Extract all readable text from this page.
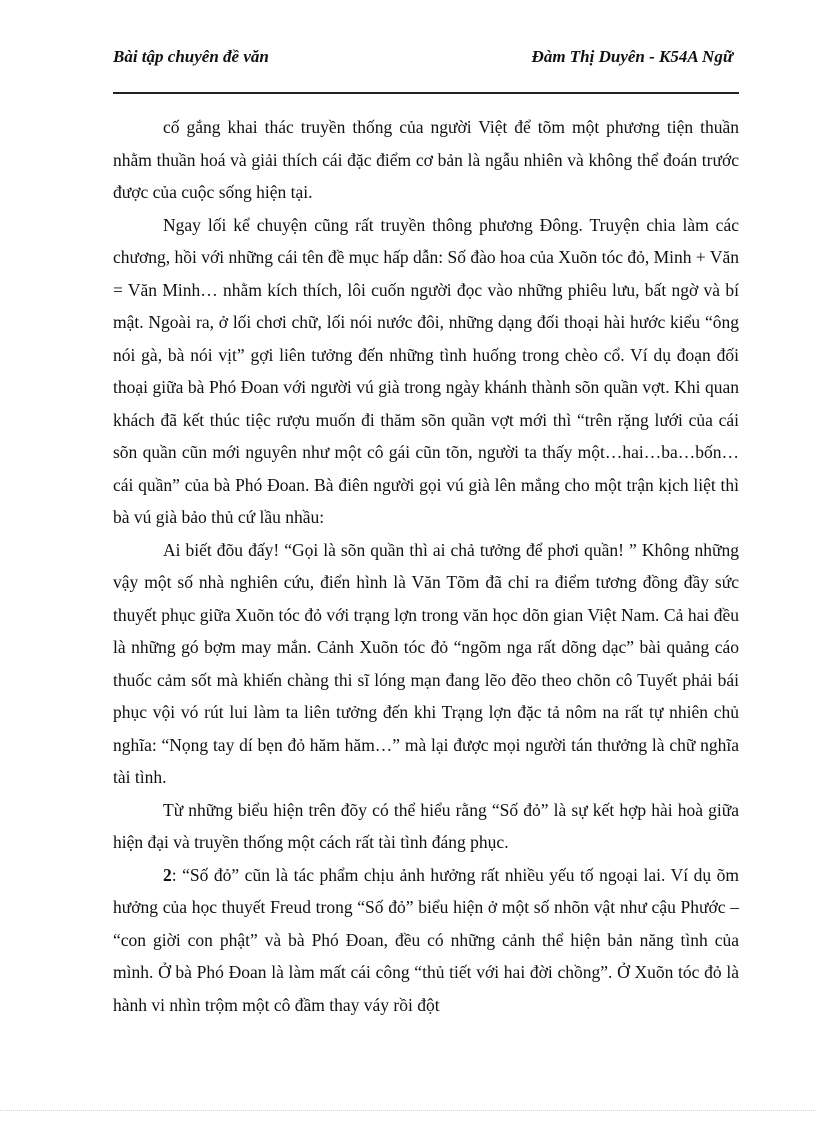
Bài tập chuyên đề văn	Đàm Thị Duyên - K54A Ngữ

cố gắng khai thác truyền thống của người Việt để tõm một phương tiện thuần nhằm thuần hoá và giải thích cái đặc điểm cơ bản là ngẫu nhiên và không thể đoán trước được của cuộc sống hiện tại.

Ngay lối kể chuyện cũng rất truyền thông phương Đông. Truyện chia làm các chương, hồi với những cái tên đề mục hấp dẫn: Số đào hoa của Xuõn tóc đỏ, Minh + Văn = Văn Minh… nhằm kích thích, lôi cuốn người đọc vào những phiêu lưu, bất ngờ và bí mật. Ngoài ra, ở lối chơi chữ, lối nói nước đôi, những dạng đối thoại hài hước kiểu “ông nói gà, bà nói vịt” gợi liên tưởng đến những tình huống trong chèo cổ. Ví dụ đoạn đối thoại giữa bà Phó Đoan với người vú già trong ngày khánh thành sõn quần vợt. Khi quan khách đã kết thúc tiệc rượu muốn đi thăm sõn quần vợt mới thì “trên rặng lưới của cái sõn quần cũn mới nguyên như một cô gái cũn tõn, người ta thấy một…hai…ba…bốn… cái quần” của bà Phó Đoan. Bà điên người gọi vú già lên mắng cho một trận kịch liệt thì bà vú già bảo thủ cứ lầu nhầu:

Ai biết đõu đấy! “Gọi là sõn quần thì ai chả tưởng để phơi quần! ” Không những vậy một số nhà nghiên cứu, điển hình là Văn Tõm đã chỉ ra điểm tương đồng đầy sức thuyết phục giữa Xuõn tóc đỏ với trạng lợn trong văn học dõn gian Việt Nam. Cả hai đều là những gó bợm may mắn. Cảnh Xuõn tóc đỏ “ngõm nga rất dõng dạc” bài quảng cáo thuốc cảm sốt mà khiến chàng thi sĩ lóng mạn đang lẽo đẽo theo chõn cô Tuyết phải bái phục vội vó rút lui làm ta liên tưởng đến khi Trạng lợn đặc tả nôm na rất tự nhiên chủ nghĩa: “Nọng tay dí bẹn đỏ hăm hăm…” mà lại được mọi người tán thưởng là chữ nghĩa tài tình.

Từ những biểu hiện trên đõy có thể hiểu rằng “Số đỏ” là sự kết hợp hài hoà giữa hiện đại và truyền thống một cách rất tài tình đáng phục.

2: “Số đỏ” cũn là tác phẩm chịu ảnh hưởng rất nhiều yếu tố ngoại lai. Ví dụ õm hưởng của học thuyết Freud trong “Số đỏ” biểu hiện ở một số nhõn vật như cậu Phước – “con giời con phật” và bà Phó Đoan, đều có những cảnh thể hiện bản năng tình của mình. Ở bà Phó Đoan là làm mất cái công “thủ tiết với hai đời chồng”. Ở Xuõn tóc đỏ là hành vi nhìn trộm một cô đầm thay váy rồi đột
